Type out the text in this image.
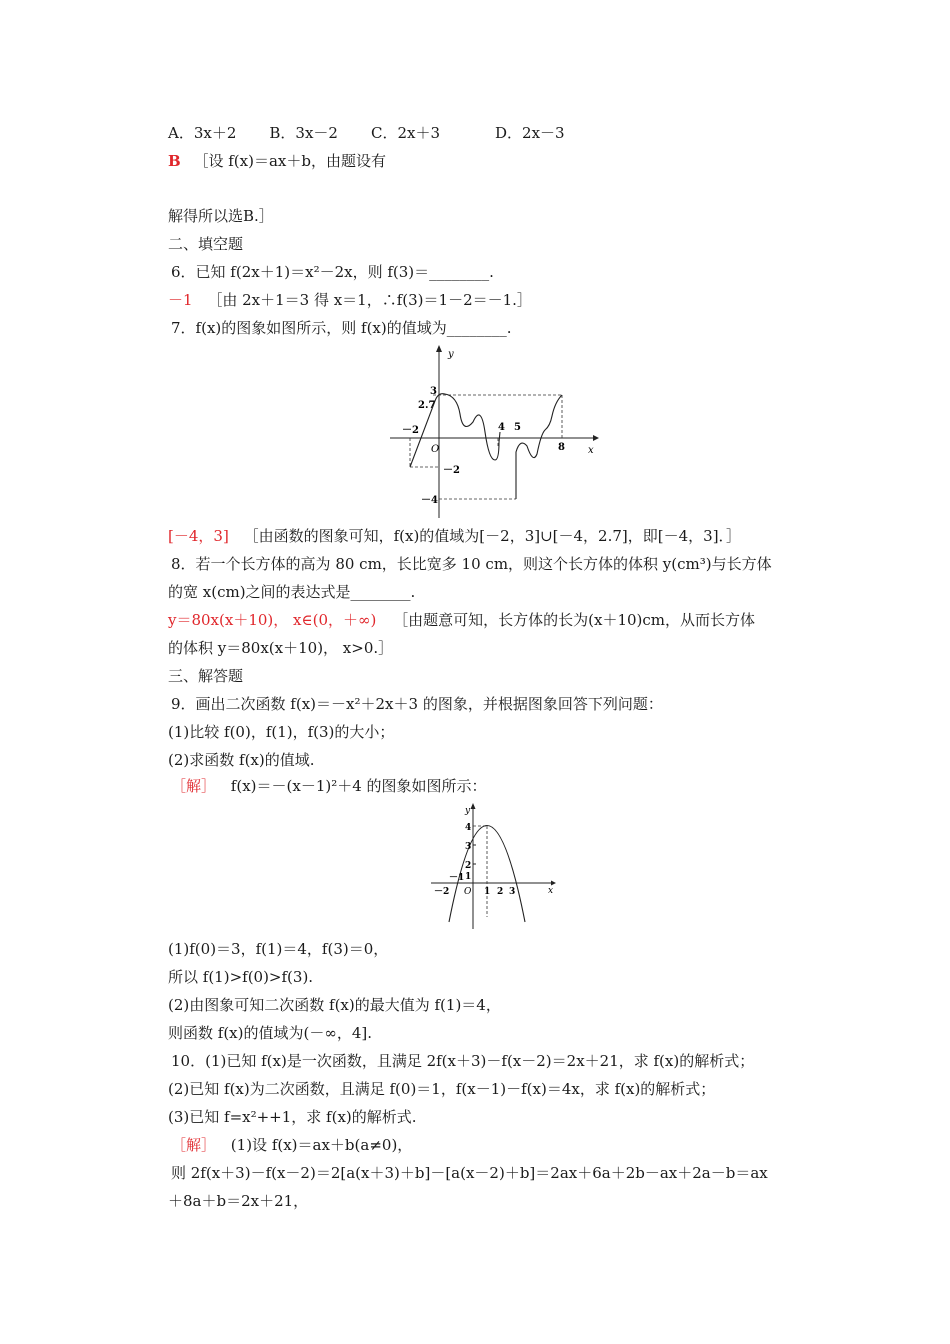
A．3x＋2 B．3x－2 C．2x＋3	D．2x－3
B ［设 f(x)＝ax＋b，由题设有
解得所以选B.］
二、填空题
6．已知 f(2x＋1)＝x²－2x，则 f(3)＝________.
－1 ［由 2x＋1＝3 得 x＝1，∴f(3)＝1－2＝－1.］
7．f(x)的图象如图所示，则 f(x)的值域为________.
y
x
O
3
2.7
－2
－4
－2	4 5
8
[－4，3] ［由函数的图象可知，f(x)的值域为[－2，3]∪[－4，2.7]，即[－4，3]．］
8．若一个长方体的高为 80 cm，长比宽多 10 cm，则这个长方体的体积 y(cm³)与长方体
的宽 x(cm)之间的表达式是________.
y＝80x(x＋10)， x∈(0，＋∞) ［由题意可知，长方体的长为(x＋10)cm，从而长方体
的体积 y＝80x(x＋10)， x>0.］
三、解答题
9．画出二次函数 f(x)＝－x²＋2x＋3 的图象，并根据图象回答下列问题：
(1)比较 f(0)，f(1)，f(3)的大小；
(2)求函数 f(x)的值域.
［解］ f(x)＝－(x－1)²＋4 的图象如图所示：
y
x
O
4
3
2
1
－2
－1
1 2 3
(1)f(0)＝3，f(1)＝4，f(3)＝0，
所以 f(1)>f(0)>f(3).
(2)由图象可知二次函数 f(x)的最大值为 f(1)＝4，
则函数 f(x)的值域为(－∞，4].
10．(1)已知 f(x)是一次函数，且满足 2f(x＋3)－f(x－2)＝2x＋21，求 f(x)的解析式；
(2)已知 f(x)为二次函数，且满足 f(0)＝1，f(x－1)－f(x)＝4x，求 f(x)的解析式；
(3)已知 f=x²++1，求 f(x)的解析式.
［解］ (1)设 f(x)＝ax＋b(a≠0)，
则 2f(x＋3)－f(x－2)＝2[a(x＋3)＋b]－[a(x－2)＋b]＝2ax＋6a＋2b－ax＋2a－b＝ax
＋8a＋b＝2x＋21，
